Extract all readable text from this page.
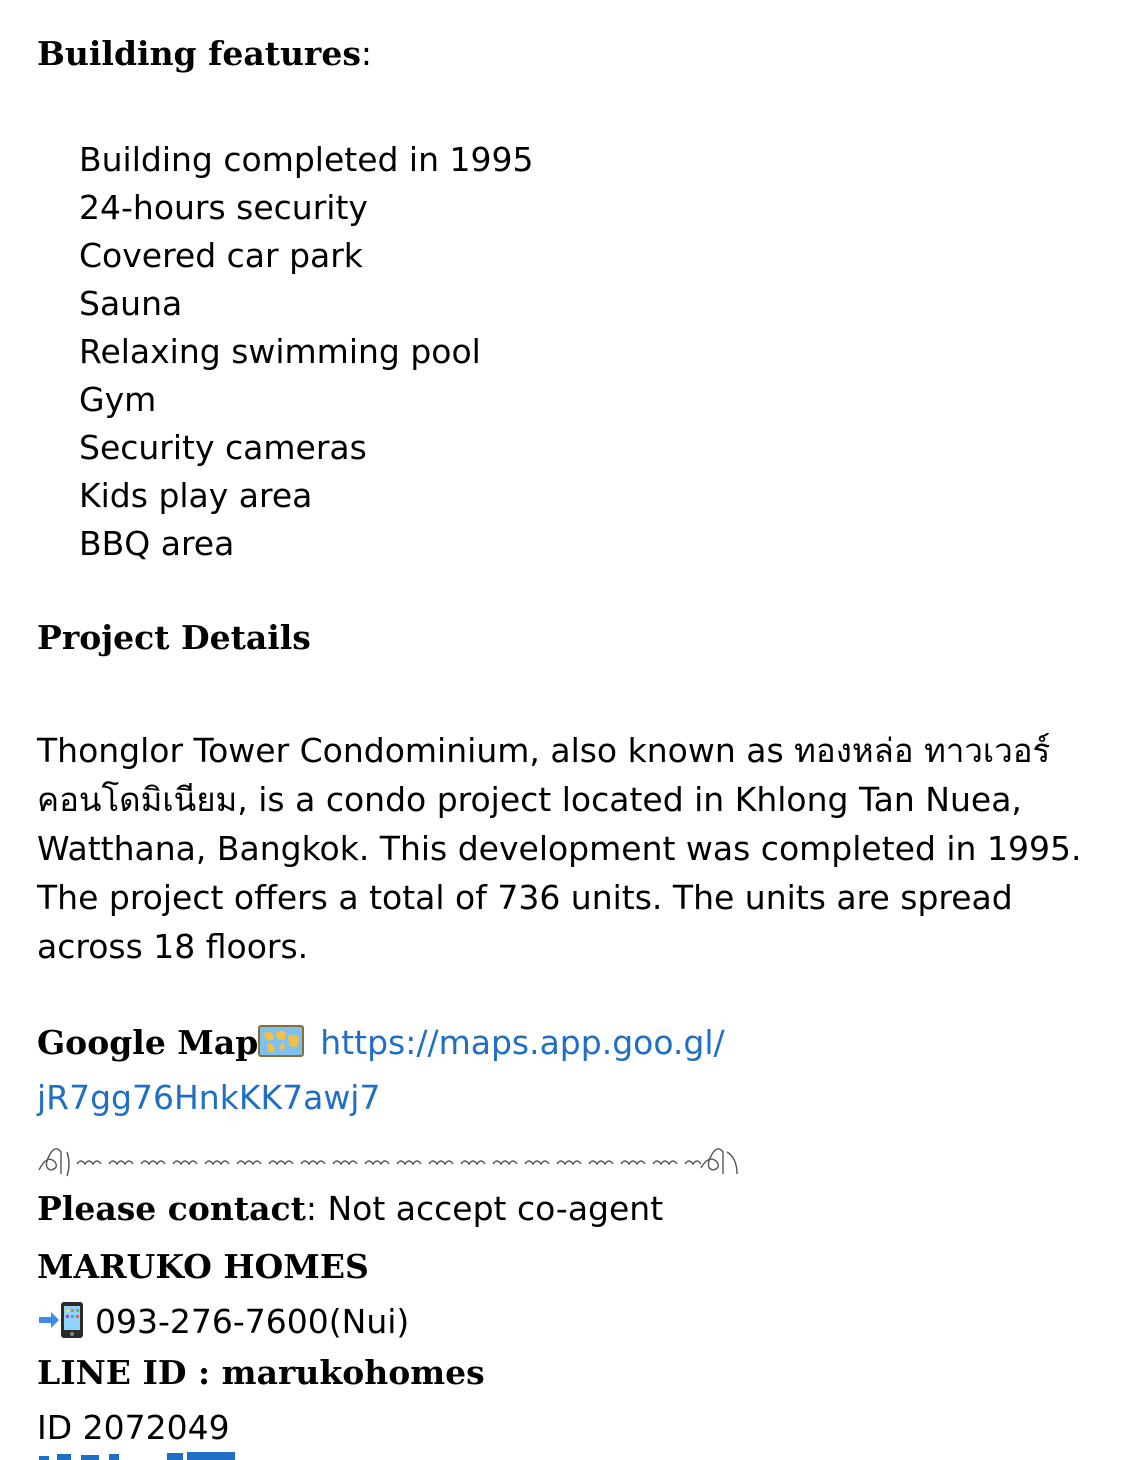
Building features:
Building completed in 1995
24-hours security
Covered car park
Sauna
Relaxing swimming pool
Gym
Security cameras
Kids play area
BBQ area
Project Details

Thonglor Tower Condominium, also known as ทองหล่อ ทาวเวอร์ คอนโดมิเนียม, is a condo project located in Khlong Tan Nuea, Watthana, Bangkok. This development was completed in 1995. The project offers a total of 736 units. The units are spread across 18 floors.

Google Map https://maps.app.goo.gl/
jR7gg76HnkKK7awj7
Please contact: Not accept co-agent
MARUKO HOMES
093-276-7600(Nui)
LINE ID : marukohomes
ID 2072049
